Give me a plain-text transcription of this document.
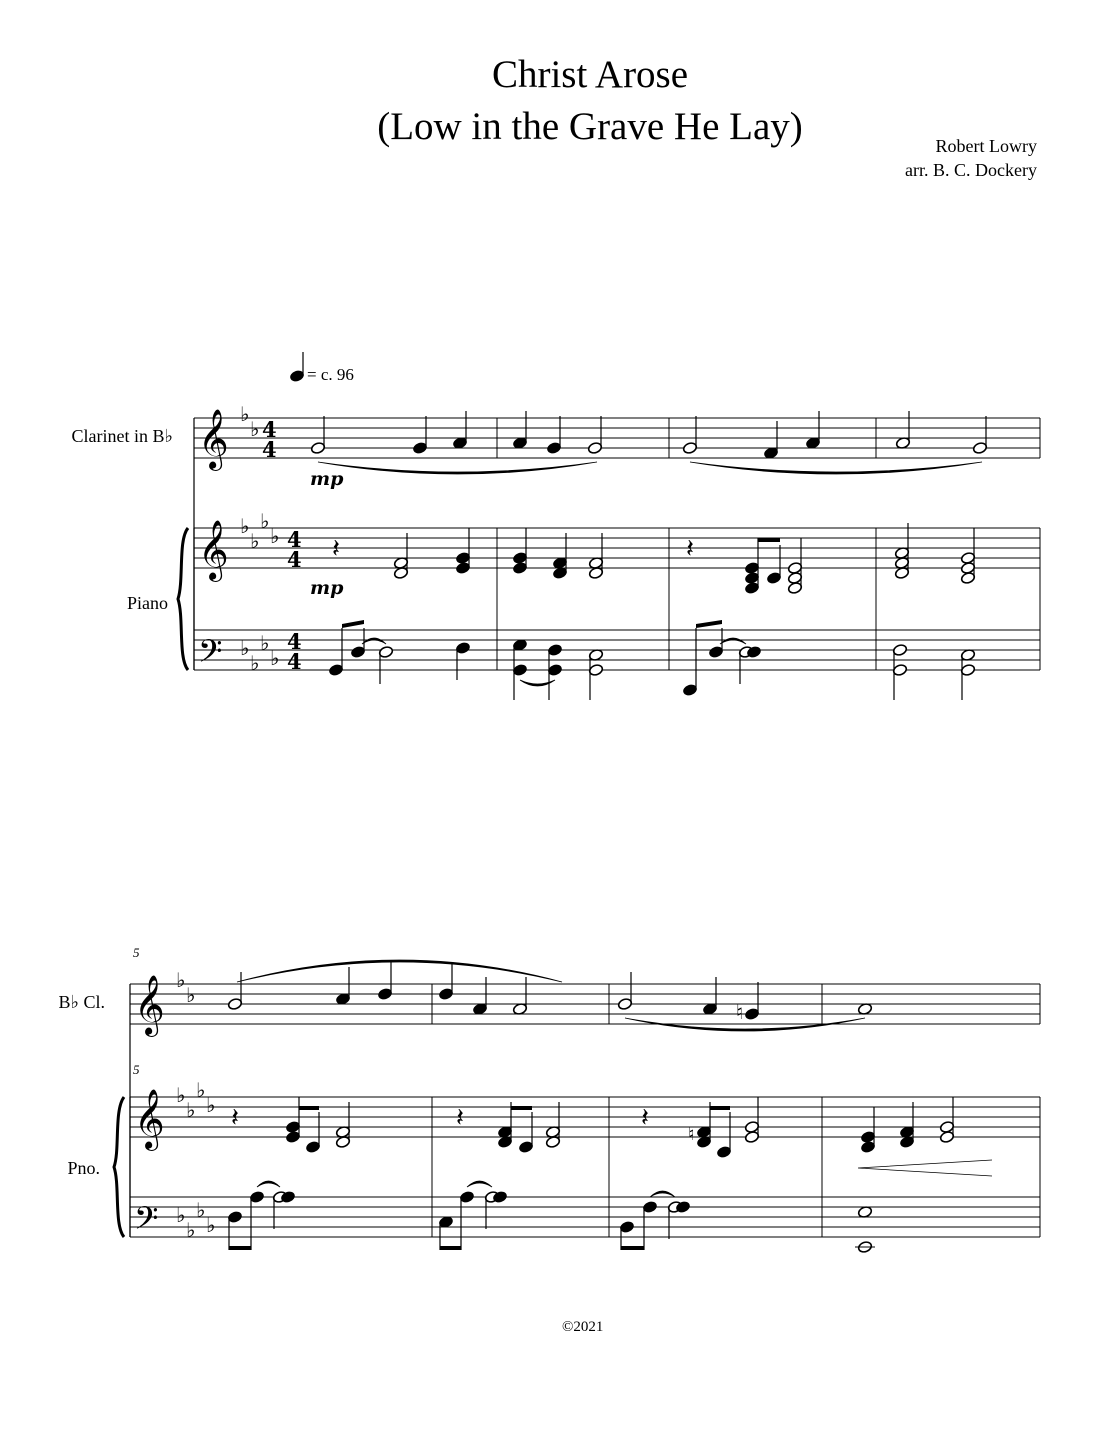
Christ Arose
(Low in the Grave He Lay)	Robert Lowry
arr. B. C. Dockery
= c. 96
Clarinet in B♭
Piano
5
5
B♭ Cl.
Pno.
©2021
𝄞
𝄞
𝄢
♭
♭
♭
♭
♭
♭
♭
♭
♭
♭
4
4
4
4
4
4
mp
mp
𝄽	𝄽
𝄞
𝄞
𝄢
♭
♭
♭
♭
♭
♭
♭
♭
♭
♭
♮
𝄽	𝄽	𝄽
♮
